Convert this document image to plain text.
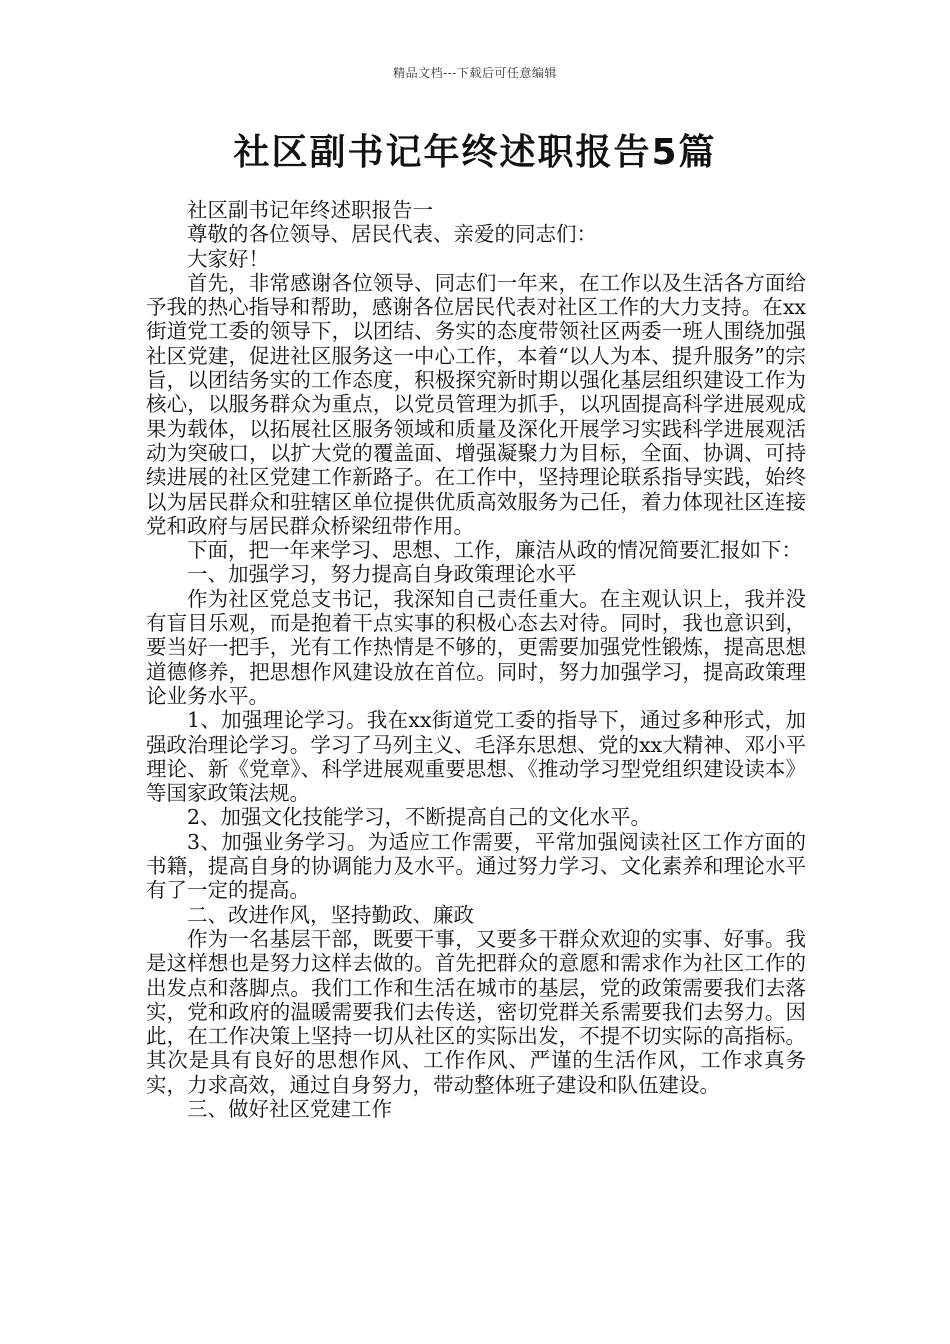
精品文档---下载后可任意编辑
社区副书记年终述职报告5篇

社区副书记年终述职报告一

尊敬的各位领导、居民代表、亲爱的同志们：

大家好！

首先，非常感谢各位领导、同志们一年来，在工作以及生活各方面给予我的热心指导和帮助，感谢各位居民代表对社区工作的大力支持。在xx街道党工委的领导下，以团结、务实的态度带领社区两委一班人围绕加强社区党建，促进社区服务这一中心工作，本着“以人为本、提升服务”的宗旨，以团结务实的工作态度，积极探究新时期以强化基层组织建设工作为核心，以服务群众为重点，以党员管理为抓手，以巩固提高科学进展观成果为载体，以拓展社区服务领域和质量及深化开展学习实践科学进展观活动为突破口，以扩大党的覆盖面、增强凝聚力为目标，全面、协调、可持续进展的社区党建工作新路子。在工作中，坚持理论联系指导实践，始终以为居民群众和驻辖区单位提供优质高效服务为己任，着力体现社区连接党和政府与居民群众桥梁纽带作用。

下面，把一年来学习、思想、工作，廉洁从政的情况简要汇报如下：

一、加强学习，努力提高自身政策理论水平

作为社区党总支书记，我深知自己责任重大。在主观认识上，我并没有盲目乐观，而是抱着干点实事的积极心态去对待。同时，我也意识到，要当好一把手，光有工作热情是不够的，更需要加强党性锻炼，提高思想道德修养，把思想作风建设放在首位。同时，努力加强学习，提高政策理论业务水平。

1、加强理论学习。我在xx街道党工委的指导下，通过多种形式，加强政治理论学习。学习了马列主义、毛泽东思想、党的xx大精神、邓小平理论、新《党章》、科学进展观重要思想、《推动学习型党组织建设读本》等国家政策法规。

2、加强文化技能学习，不断提高自己的文化水平。

3、加强业务学习。为适应工作需要，平常加强阅读社区工作方面的书籍，提高自身的协调能力及水平。通过努力学习、文化素养和理论水平有了一定的提高。

二、改进作风，坚持勤政、廉政

作为一名基层干部，既要干事，又要多干群众欢迎的实事、好事。我是这样想也是努力这样去做的。首先把群众的意愿和需求作为社区工作的出发点和落脚点。我们工作和生活在城市的基层，党的政策需要我们去落实，党和政府的温暖需要我们去传送，密切党群关系需要我们去努力。因此，在工作决策上坚持一切从社区的实际出发，不提不切实际的高指标。其次是具有良好的思想作风、工作作风、严谨的生活作风，工作求真务实，力求高效，通过自身努力，带动整体班子建设和队伍建设。

三、做好社区党建工作
